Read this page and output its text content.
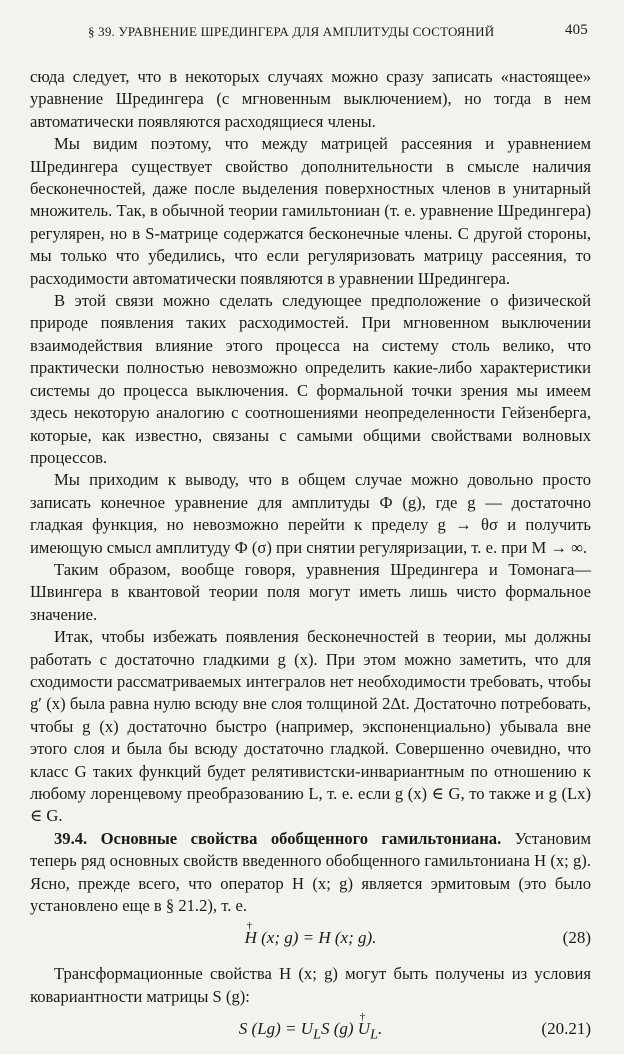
§ 39. УРАВНЕНИЕ ШРЕДИНГЕРА ДЛЯ АМПЛИТУДЫ СОСТОЯНИЙ	405

сюда следует, что в некоторых случаях можно сразу записать «настоящее» уравнение Шредингера (с мгновенным выключением), но тогда в нем автоматически появляются расходящиеся члены.

Мы видим поэтому, что между матрицей рассеяния и уравнением Шредингера существует свойство дополнительности в смысле наличия бесконечностей, даже после выделения поверхностных членов в унитарный множитель. Так, в обычной теории гамильтониан (т. е. уравнение Шредингера) регулярен, но в S-матрице содержатся бесконечные члены. С другой стороны, мы только что убедились, что если регуляризовать матрицу рассеяния, то расходимости автоматически появляются в уравнении Шредингера.

В этой связи можно сделать следующее предположение о физической природе появления таких расходимостей. При мгновенном выключении взаимодействия влияние этого процесса на систему столь велико, что практически полностью невозможно определить какие-либо характеристики системы до процесса выключения. С формальной точки зрения мы имеем здесь некоторую аналогию с соотношениями неопределенности Гейзенберга, которые, как известно, связаны с самыми общими свойствами волновых процессов.

Мы приходим к выводу, что в общем случае можно довольно просто записать конечное уравнение для амплитуды Ф (g), где g — достаточно гладкая функция, но невозможно перейти к пределу g → θσ и получить имеющую смысл амплитуду Ф (σ) при снятии регуляризации, т. е. при M → ∞.

Таким образом, вообще говоря, уравнения Шредингера и Томонага—Швингера в квантовой теории поля могут иметь лишь чисто формальное значение.

Итак, чтобы избежать появления бесконечностей в теории, мы должны работать с достаточно гладкими g (x). При этом можно заметить, что для сходимости рассматриваемых интегралов нет необходимости требовать, чтобы g′ (x) была равна нулю всюду вне слоя толщиной 2Δt. Достаточно потребовать, чтобы g (x) достаточно быстро (например, экспоненциально) убывала вне этого слоя и была бы всюду достаточно гладкой. Совершенно очевидно, что класс G таких функций будет релятивистски-инвариантным по отношению к любому лоренцевому преобразованию L, т. е. если g (x) ∈ G, то также и g (Lx) ∈ G.

39.4. Основные свойства обобщенного гамильтониана. Установим теперь ряд основных свойств введенного обобщенного гамильтониана H (x; g). Ясно, прежде всего, что оператор H (x; g) является эрмитовым (это было установлено еще в § 21.2), т. е.

† H (x; g) = H (x; g).	(28)

Трансформационные свойства H (x; g) могут быть получены из условия ковариантности матрицы S (g):

S $(Lg) = U_LS$ (g) † $U_L$.	(20.21)
